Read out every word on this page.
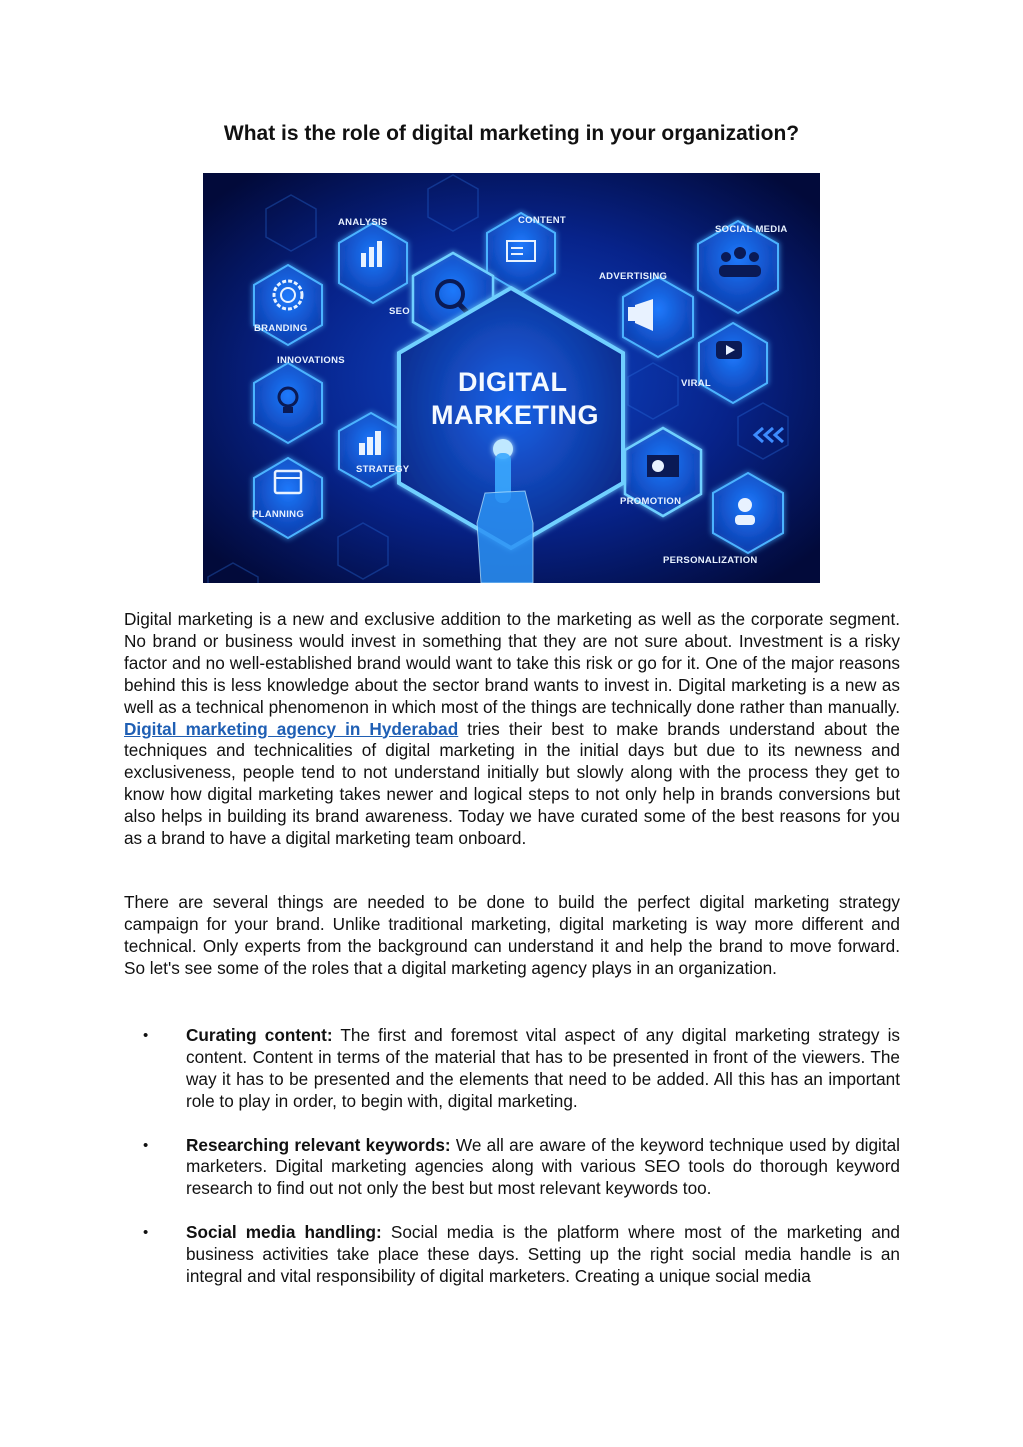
What is the role of digital marketing in your organization?
ANALYSIS	CONTENT
SOCIAL MEDIA
ADVERTISING
SEO
BRANDING
INNOVATIONS
VIRAL
STRATEGY
PLANNING
PROMOTION
PERSONALIZATION
DIGITAL
MARKETING

Digital marketing is a new and exclusive addition to the marketing as well as the corporate segment. No brand or business would invest in something that they are not sure about. Investment is a risky factor and no well-established brand would want to take this risk or go for it. One of the major reasons behind this is less knowledge about the sector brand wants to invest in. Digital marketing is a new as well as a technical phenomenon in which most of the things are technically done rather than manually. Digital marketing agency in Hyderabad tries their best to make brands understand about the techniques and technicalities of digital marketing in the initial days but due to its newness and exclusiveness, people tend to not understand initially but slowly along with the process they get to know how digital marketing takes newer and logical steps to not only help in brands conversions but also helps in building its brand awareness. Today we have curated some of the best reasons for you as a brand to have a digital marketing team onboard.

There are several things are needed to be done to build the perfect digital marketing strategy campaign for your brand. Unlike traditional marketing, digital marketing is way more different and technical. Only experts from the background can understand it and help the brand to move forward. So let's see some of the roles that a digital marketing agency plays in an organization.

• Curating content: The first and foremost vital aspect of any digital marketing strategy is content. Content in terms of the material that has to be presented in front of the viewers. The way it has to be presented and the elements that need to be added. All this has an important role to play in order, to begin with, digital marketing.
• Researching relevant keywords: We all are aware of the keyword technique used by digital marketers. Digital marketing agencies along with various SEO tools do thorough keyword research to find out not only the best but most relevant keywords too.
• Social media handling: Social media is the platform where most of the marketing and business activities take place these days. Setting up the right social media handle is an integral and vital responsibility of digital marketers. Creating a unique social media
